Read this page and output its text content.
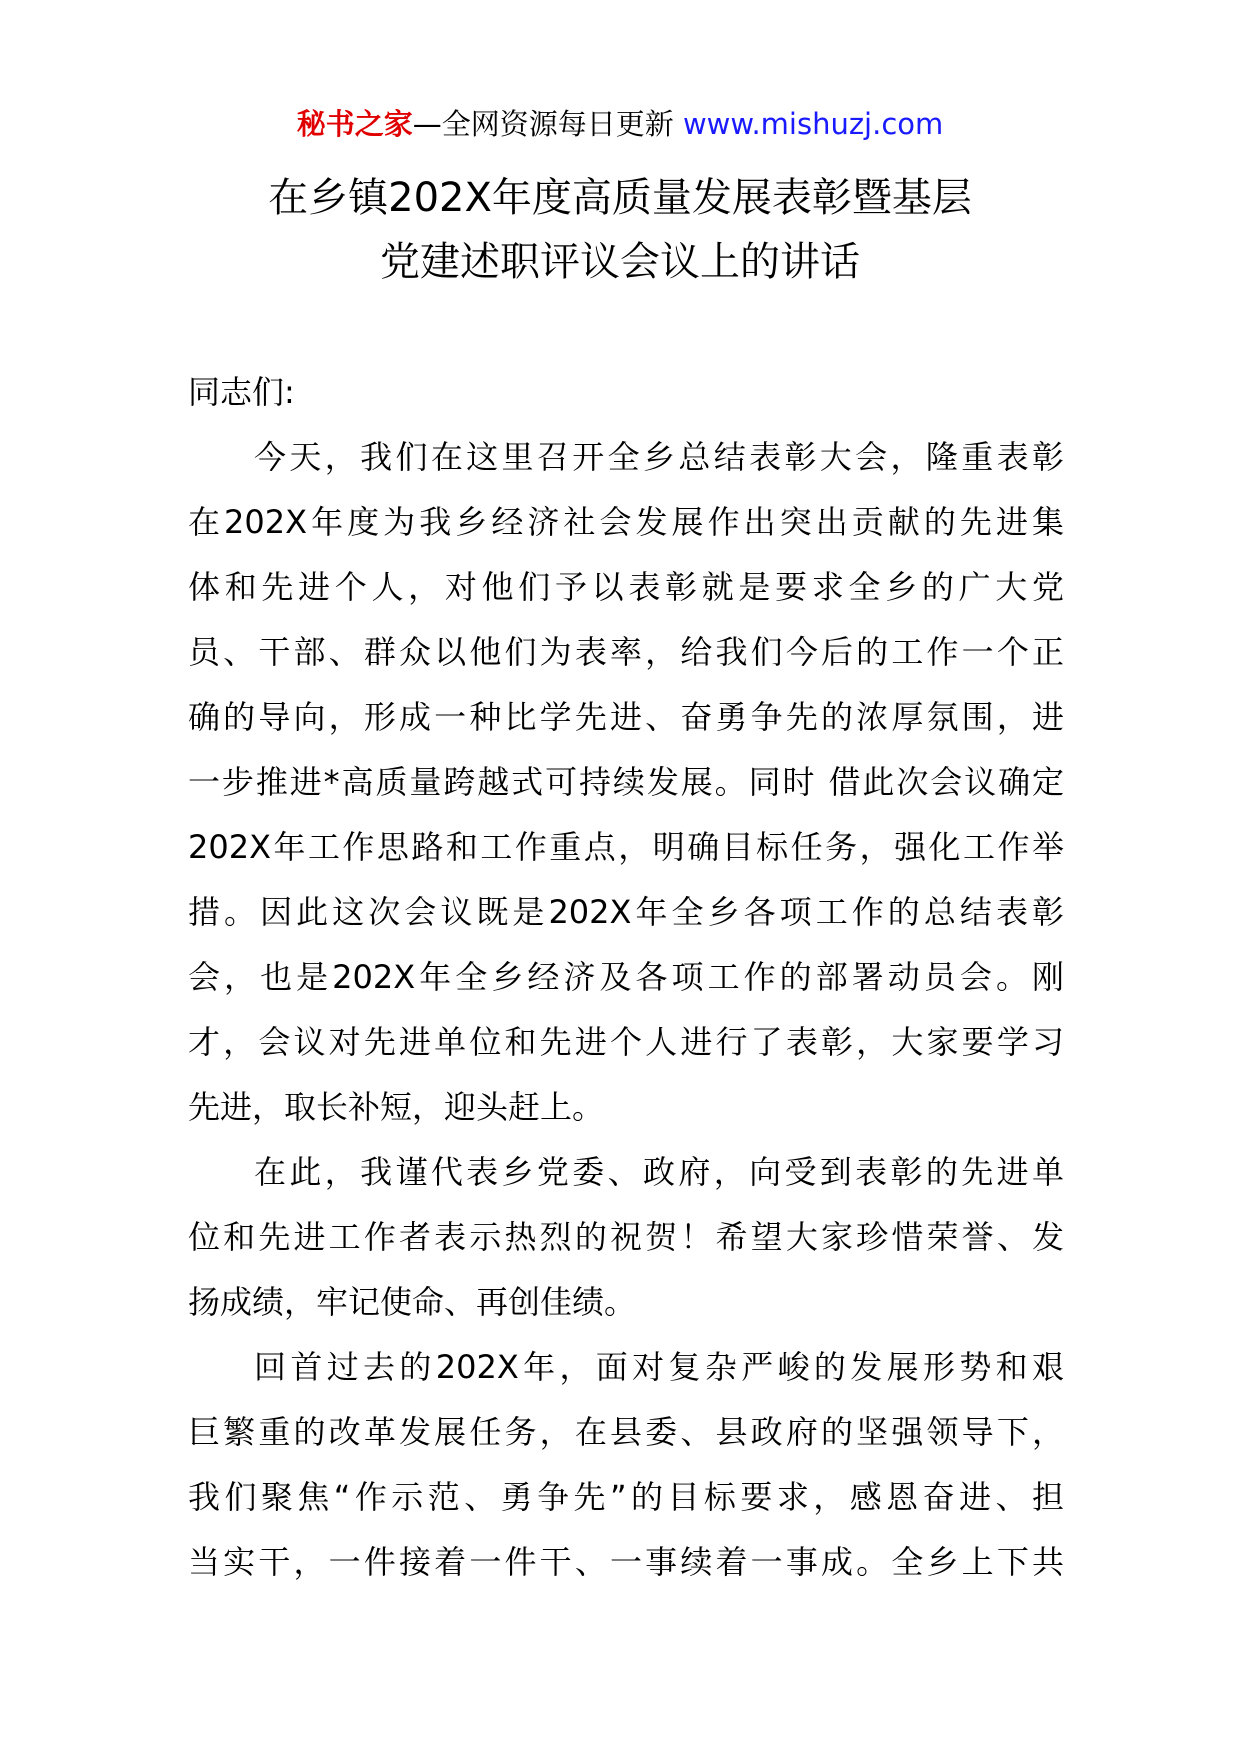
秘书之家—全网资源每日更新 www.mishuzj.com
在乡镇202X年度高质量发展表彰暨基层
党建述职评议会议上的讲话
同志们:
今天，我们在这里召开全乡总结表彰大会，隆重表彰
在202X年度为我乡经济社会发展作出突出贡献的先进集
体和先进个人，对他们予以表彰就是要求全乡的广大党
员、干部、群众以他们为表率，给我们今后的工作一个正
确的导向，形成一种比学先进、奋勇争先的浓厚氛围，进
一步推进*高质量跨越式可持续发展。同时 借此次会议确定
202X年工作思路和工作重点，明确目标任务，强化工作举
措。因此这次会议既是202X年全乡各项工作的总结表彰
会，也是202X年全乡经济及各项工作的部署动员会。刚
才，会议对先进单位和先进个人进行了表彰，大家要学习
先进，取长补短，迎头赶上。
在此，我谨代表乡党委、政府，向受到表彰的先进单
位和先进工作者表示热烈的祝贺！希望大家珍惜荣誉、发
扬成绩，牢记使命、再创佳绩。
回首过去的202X年，面对复杂严峻的发展形势和艰
巨繁重的改革发展任务，在县委、县政府的坚强领导下，
我们聚焦“作示范、勇争先”的目标要求，感恩奋进、担
当实干，一件接着一件干、一事续着一事成。全乡上下共
